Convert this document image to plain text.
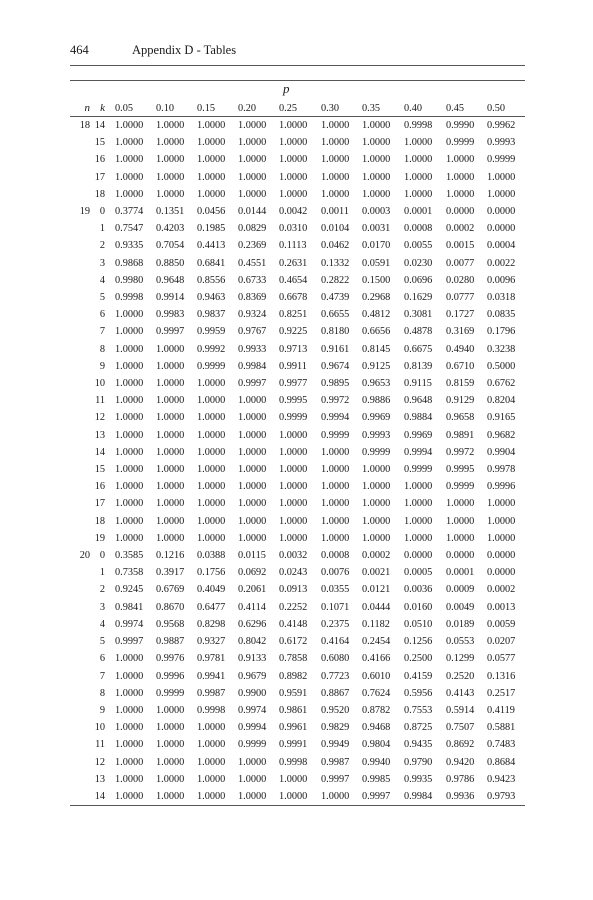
464	Appendix D - Tables
p
n	k	0.05	0.10	0.15	0.20	0.25	0.30	0.35	0.40	0.45	0.50
18	14	1.0000	1.0000	1.0000	1.0000	1.0000	1.0000	1.0000	0.9998	0.9990	0.9962
	15	1.0000	1.0000	1.0000	1.0000	1.0000	1.0000	1.0000	1.0000	0.9999	0.9993
	16	1.0000	1.0000	1.0000	1.0000	1.0000	1.0000	1.0000	1.0000	1.0000	0.9999
	17	1.0000	1.0000	1.0000	1.0000	1.0000	1.0000	1.0000	1.0000	1.0000	1.0000
	18	1.0000	1.0000	1.0000	1.0000	1.0000	1.0000	1.0000	1.0000	1.0000	1.0000
19	0	0.3774	0.1351	0.0456	0.0144	0.0042	0.0011	0.0003	0.0001	0.0000	0.0000
	1	0.7547	0.4203	0.1985	0.0829	0.0310	0.0104	0.0031	0.0008	0.0002	0.0000
	2	0.9335	0.7054	0.4413	0.2369	0.1113	0.0462	0.0170	0.0055	0.0015	0.0004
	3	0.9868	0.8850	0.6841	0.4551	0.2631	0.1332	0.0591	0.0230	0.0077	0.0022
	4	0.9980	0.9648	0.8556	0.6733	0.4654	0.2822	0.1500	0.0696	0.0280	0.0096
	5	0.9998	0.9914	0.9463	0.8369	0.6678	0.4739	0.2968	0.1629	0.0777	0.0318
	6	1.0000	0.9983	0.9837	0.9324	0.8251	0.6655	0.4812	0.3081	0.1727	0.0835
	7	1.0000	0.9997	0.9959	0.9767	0.9225	0.8180	0.6656	0.4878	0.3169	0.1796
	8	1.0000	1.0000	0.9992	0.9933	0.9713	0.9161	0.8145	0.6675	0.4940	0.3238
	9	1.0000	1.0000	0.9999	0.9984	0.9911	0.9674	0.9125	0.8139	0.6710	0.5000
	10	1.0000	1.0000	1.0000	0.9997	0.9977	0.9895	0.9653	0.9115	0.8159	0.6762
	11	1.0000	1.0000	1.0000	1.0000	0.9995	0.9972	0.9886	0.9648	0.9129	0.8204
	12	1.0000	1.0000	1.0000	1.0000	0.9999	0.9994	0.9969	0.9884	0.9658	0.9165
	13	1.0000	1.0000	1.0000	1.0000	1.0000	0.9999	0.9993	0.9969	0.9891	0.9682
	14	1.0000	1.0000	1.0000	1.0000	1.0000	1.0000	0.9999	0.9994	0.9972	0.9904
	15	1.0000	1.0000	1.0000	1.0000	1.0000	1.0000	1.0000	0.9999	0.9995	0.9978
	16	1.0000	1.0000	1.0000	1.0000	1.0000	1.0000	1.0000	1.0000	0.9999	0.9996
	17	1.0000	1.0000	1.0000	1.0000	1.0000	1.0000	1.0000	1.0000	1.0000	1.0000
	18	1.0000	1.0000	1.0000	1.0000	1.0000	1.0000	1.0000	1.0000	1.0000	1.0000
	19	1.0000	1.0000	1.0000	1.0000	1.0000	1.0000	1.0000	1.0000	1.0000	1.0000
20	0	0.3585	0.1216	0.0388	0.0115	0.0032	0.0008	0.0002	0.0000	0.0000	0.0000
	1	0.7358	0.3917	0.1756	0.0692	0.0243	0.0076	0.0021	0.0005	0.0001	0.0000
	2	0.9245	0.6769	0.4049	0.2061	0.0913	0.0355	0.0121	0.0036	0.0009	0.0002
	3	0.9841	0.8670	0.6477	0.4114	0.2252	0.1071	0.0444	0.0160	0.0049	0.0013
	4	0.9974	0.9568	0.8298	0.6296	0.4148	0.2375	0.1182	0.0510	0.0189	0.0059
	5	0.9997	0.9887	0.9327	0.8042	0.6172	0.4164	0.2454	0.1256	0.0553	0.0207
	6	1.0000	0.9976	0.9781	0.9133	0.7858	0.6080	0.4166	0.2500	0.1299	0.0577
	7	1.0000	0.9996	0.9941	0.9679	0.8982	0.7723	0.6010	0.4159	0.2520	0.1316
	8	1.0000	0.9999	0.9987	0.9900	0.9591	0.8867	0.7624	0.5956	0.4143	0.2517
	9	1.0000	1.0000	0.9998	0.9974	0.9861	0.9520	0.8782	0.7553	0.5914	0.4119
	10	1.0000	1.0000	1.0000	0.9994	0.9961	0.9829	0.9468	0.8725	0.7507	0.5881
	11	1.0000	1.0000	1.0000	0.9999	0.9991	0.9949	0.9804	0.9435	0.8692	0.7483
	12	1.0000	1.0000	1.0000	1.0000	0.9998	0.9987	0.9940	0.9790	0.9420	0.8684
	13	1.0000	1.0000	1.0000	1.0000	1.0000	0.9997	0.9985	0.9935	0.9786	0.9423
	14	1.0000	1.0000	1.0000	1.0000	1.0000	1.0000	0.9997	0.9984	0.9936	0.9793
